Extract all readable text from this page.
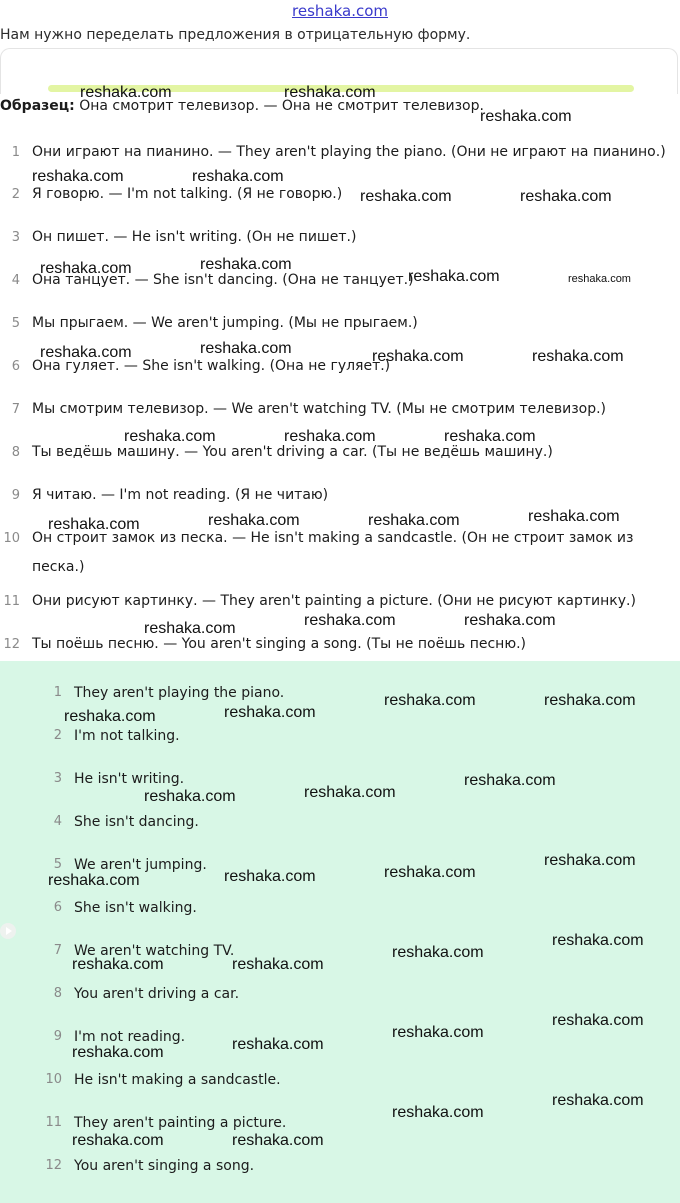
reshaka.com
Нам нужно переделать предложения в отрицательную форму.
Образец: Она смотрит телевизор. — Она не смотрит телевизор.
1 Они играют на пианино. — They aren't playing the piano. (Они не играют на пианино.)
2 Я говорю. — I'm not talking. (Я не говорю.)
3 Он пишет. — He isn't writing. (Он не пишет.)
4 Она танцует. — She isn't dancing. (Она не танцует.)
5 Мы прыгаем. — We aren't jumping. (Мы не прыгаем.)
6 Она гуляет. — She isn't walking. (Она не гуляет.)
7 Мы смотрим телевизор. — We aren't watching TV. (Мы не смотрим телевизор.)
8 Ты ведёшь машину. — You aren't driving a car. (Ты не ведёшь машину.)
9 Я читаю. — I'm not reading. (Я не читаю)
10 Он строит замок из песка. — He isn't making a sandcastle. (Он не строит замок из песка.)
11 Они рисуют картинку. — They aren't painting a picture. (Они не рисуют картинку.)
12 Ты поёшь песню. — You aren't singing a song. (Ты не поёшь песню.)
1 They aren't playing the piano.
2 I'm not talking.
3 He isn't writing.
4 She isn't dancing.
5 We aren't jumping.
6 She isn't walking.
7 We aren't watching TV.
8 You aren't driving a car.
9 I'm not reading.
10 He isn't making a sandcastle.
11 They aren't painting a picture.
12 You aren't singing a song.
reshaka.com	reshaka.com
reshaka.com
reshaka.com	reshaka.com
reshaka.com	reshaka.com
reshaka.com	reshaka.com
reshaka.com	reshaka.com
reshaka.com	reshaka.com	reshaka.com	reshaka.com
reshaka.com	reshaka.com	reshaka.com
reshaka.com	reshaka.com	reshaka.com	reshaka.com
reshaka.com	reshaka.com	reshaka.com
reshaka.com	reshaka.com
reshaka.com	reshaka.com
reshaka.com
reshaka.com	reshaka.com
reshaka.com
reshaka.com	reshaka.com	reshaka.com
reshaka.com
reshaka.com
reshaka.com	reshaka.com
reshaka.com
reshaka.com
reshaka.com
reshaka.com
reshaka.com
reshaka.com
reshaka.com	reshaka.com
